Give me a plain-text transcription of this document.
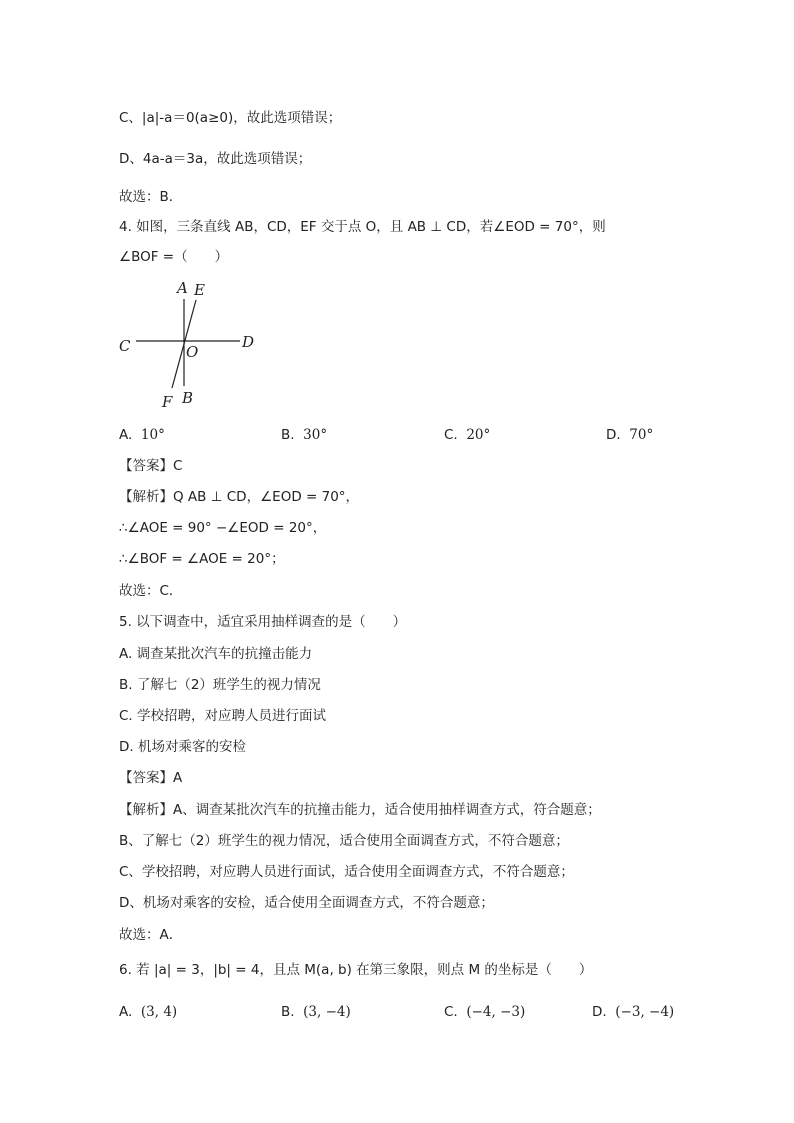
C、|a|-a＝0(a≥0)，故此选项错误；
D、4a-a＝3a，故此选项错误；
故选：B．
4. 如图，三条直线 AB，CD，EF 交于点 O，且 AB ⊥ CD，若∠EOD = 70°，则
∠BOF =（　　）
A E
C	O
D
F B
A. 10°	B. 30°	C. 20°	D. 70°
【答案】C
【解析】Q AB ⊥ CD，∠EOD = 70°，
∴∠AOE = 90° −∠EOD = 20°，
∴∠BOF = ∠AOE = 20°；
故选：C．
5. 以下调查中，适宜采用抽样调查的是（　　）
A. 调查某批次汽车的抗撞击能力
B. 了解七（2）班学生的视力情况
C. 学校招聘，对应聘人员进行面试
D. 机场对乘客的安检
【答案】A
【解析】A、调查某批次汽车的抗撞击能力，适合使用抽样调查方式，符合题意；
B、了解七（2）班学生的视力情况，适合使用全面调查方式，不符合题意；
C、学校招聘，对应聘人员进行面试，适合使用全面调查方式，不符合题意；
D、机场对乘客的安检，适合使用全面调查方式，不符合题意；
故选：A．
6. 若 |a| = 3，|b| = 4，且点 M(a, b) 在第三象限，则点 M 的坐标是（　　）
A. (3, 4)	B. (3, −4)	C. (−4, −3)	D. (−3, −4)
